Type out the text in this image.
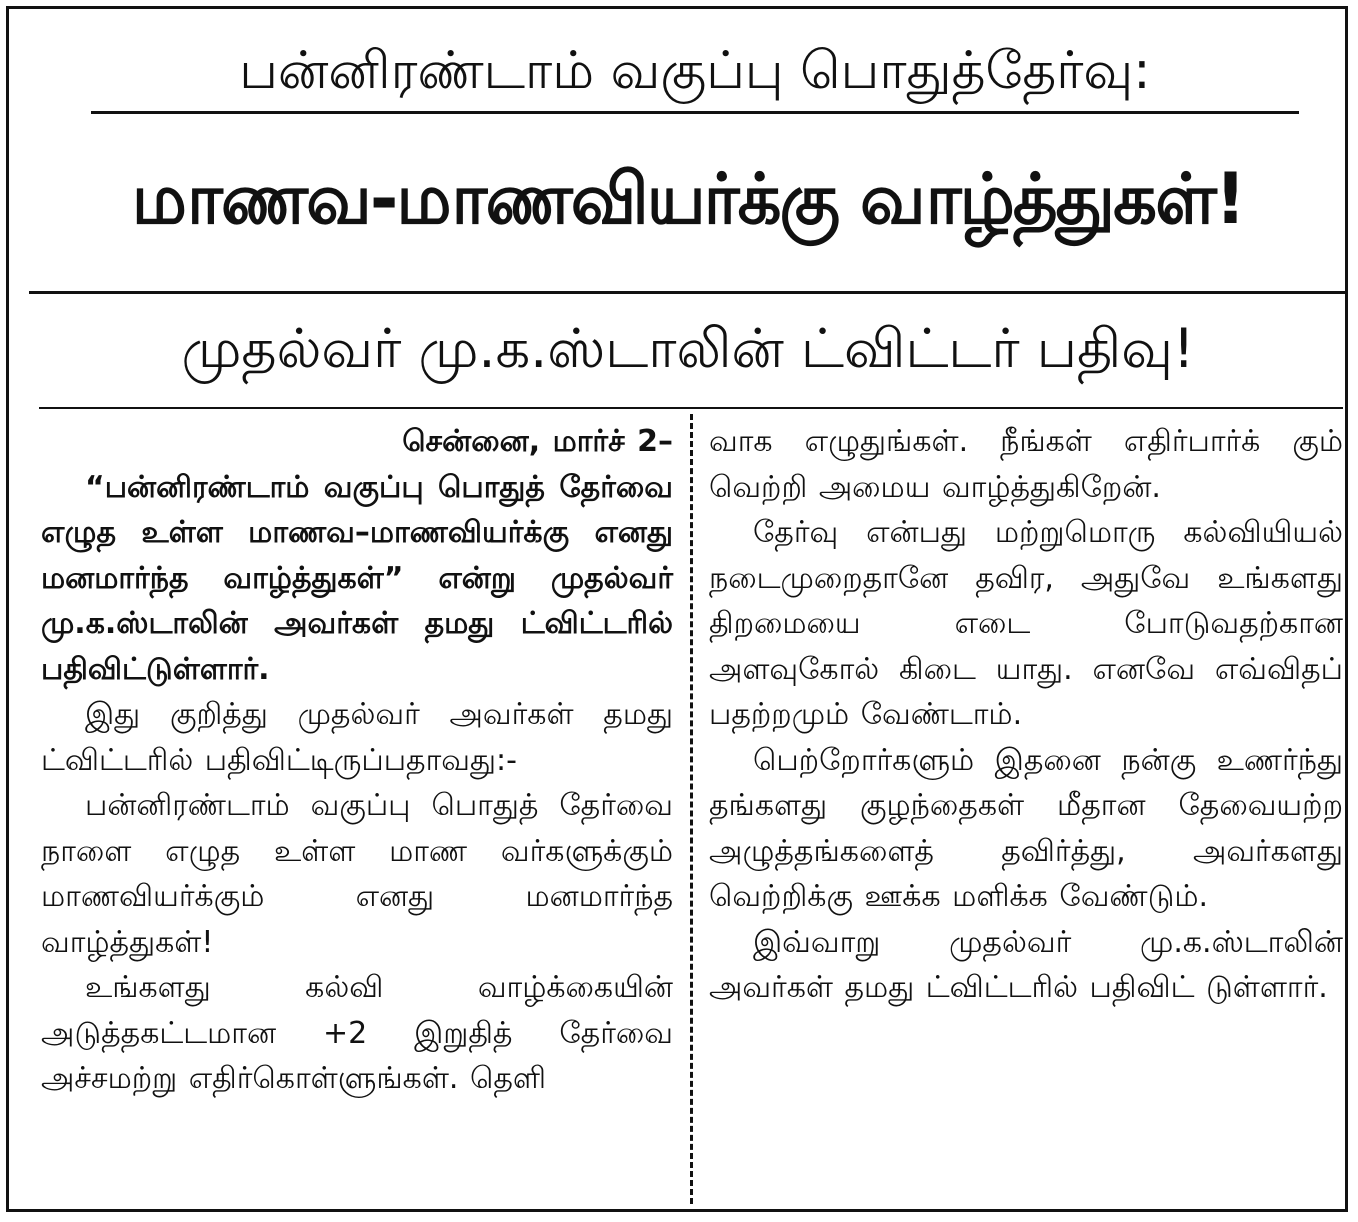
பன்னிரண்டாம் வகுப்பு பொதுத்தேர்வு:
மாணவ-மாணவியர்க்கு வாழ்த்துகள்!
முதல்வர் மு.க.ஸ்டாலின் ட்விட்டர் பதிவு!

சென்னை, மார்ச் 2–

“பன்னிரண்டாம் வகுப்பு பொதுத் தேர்வை எழுத உள்ள மாணவ–மாணவியர்க்கு எனது மனமார்ந்த வாழ்த்துகள்” என்று முதல்வர் மு.க.ஸ்டாலின் அவர்கள் தமது ட்விட்டரில் பதிவிட்டுள்ளார்.

இது குறித்து முதல்வர் அவர்கள் தமது ட்விட்டரில் பதிவிட்டிருப்பதாவது:-

பன்னிரண்டாம் வகுப்பு பொதுத் தேர்வை நாளை எழுத உள்ள மாண வர்களுக்கும் மாணவியர்க்கும் எனது மனமார்ந்த வாழ்த்துகள்!

உங்களது கல்வி வாழ்க்கையின் அடுத்தகட்டமான +2 இறுதித் தேர்வை அச்சமற்று எதிர்கொள்ளுங்கள். தெளி

வாக எழுதுங்கள். நீங்கள் எதிர்பார்க் கும் வெற்றி அமைய வாழ்த்துகிறேன்.

தேர்வு என்பது மற்றுமொரு கல்வியியல் நடைமுறைதானே தவிர, அதுவே உங்களது திறமையை எடை போடுவதற்கான அளவுகோல் கிடை யாது. எனவே எவ்விதப் பதற்றமும் வேண்டாம்.

பெற்றோர்களும் இதனை நன்கு உணர்ந்து தங்களது குழந்தைகள் மீதான தேவையற்ற அழுத்தங்களைத் தவிர்த்து, அவர்களது வெற்றிக்கு ஊக்க மளிக்க வேண்டும்.

இவ்வாறு முதல்வர் மு.க.ஸ்டாலின் அவர்கள் தமது ட்விட்டரில் பதிவிட் டுள்ளார்.
